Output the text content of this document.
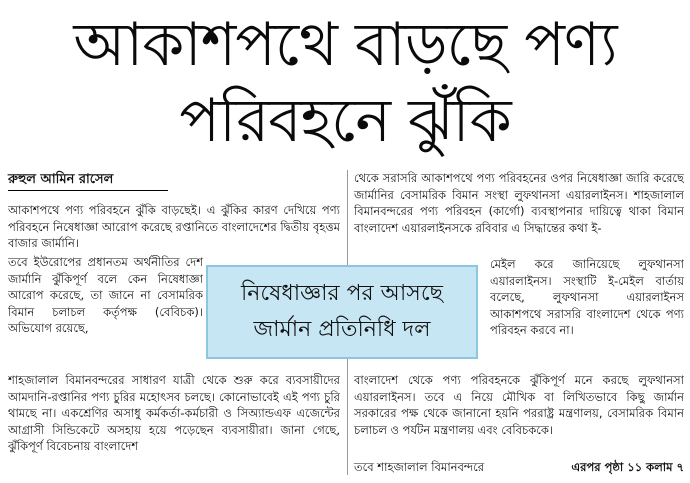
আকাশপথে বাড়ছে পণ্য
পরিবহনে ঝুঁকি
রুহুল আমিন রাসেল
আকাশপথে পণ্য পরিবহনে ঝুঁকি বাড়ছেই। এ ঝুঁকির কারণ দেখিয়ে পণ্য পরিবহনে নিষেধাজ্ঞা আরোপ করেছে রপ্তানিতে বাংলাদেশের দ্বিতীয় বৃহত্তম বাজার জার্মানি।
তবে ইউরোপের প্রধানতম অর্থনীতির দেশ জার্মানি ঝুঁকিপূর্ণ বলে কেন নিষেধাজ্ঞা আরোপ করেছে, তা জানে না বেসামরিক বিমান চলাচল কর্তৃপক্ষ (বেবিচক)। অভিযোগ রয়েছে,
শাহজালাল বিমানবন্দরের সাধারণ যাত্রী থেকে শুরু করে ব্যবসায়ীদের আমদানি-রপ্তানির পণ্য চুরির মহোৎসব চলছে। কোনোভাবেই এই পণ্য চুরি থামছে না। একশ্রেণির অসাধু কর্মকর্তা-কর্মচারী ও সিঅ্যান্ডএফ এজেন্টের আগ্রাসী সিন্ডিকেটে অসহায় হয়ে পড়েছেন ব্যবসায়ীরা। জানা গেছে, ঝুঁকিপূর্ণ বিবেচনায় বাংলাদেশ
থেকে সরাসরি আকাশপথে পণ্য পরিবহনের ওপর নিষেধাজ্ঞা জারি করেছে জার্মানির বেসামরিক বিমান সংস্থা লুফথানসা এয়ারলাইনস। শাহজালাল বিমানবন্দরের পণ্য পরিবহন (কার্গো) ব্যবস্থাপনার দায়িত্বে থাকা বিমান বাংলাদেশ এয়ারলাইনসকে রবিবার এ সিদ্ধান্তের কথা ই-
মেইল করে জানিয়েছে লুফথানসা এয়ারলাইনস। সংস্থাটি ই-মেইল বার্তায় বলেছে, লুফথানসা এয়ারলাইনস আকাশপথে সরাসরি বাংলাদেশ থেকে পণ্য পরিবহন করবে না।
বাংলাদেশ থেকে পণ্য পরিবহনকে ঝুঁকিপূর্ণ মনে করছে লুফথানসা এয়ারলাইনস। তবে এ নিয়ে মৌখিক বা লিখিতভাবে কিছু জার্মান সরকারের পক্ষ থেকে জানানো হয়নি পররাষ্ট্র মন্ত্রণালয়, বেসামরিক বিমান চলাচল ও পর্যটন মন্ত্রণালয় এবং বেবিচককে।
নিষেধাজ্ঞার পর আসছে
জার্মান প্রতিনিধি দল
তবে শাহজালাল বিমানবন্দরে	এরপর পৃষ্ঠা ১১ কলাম ৭
